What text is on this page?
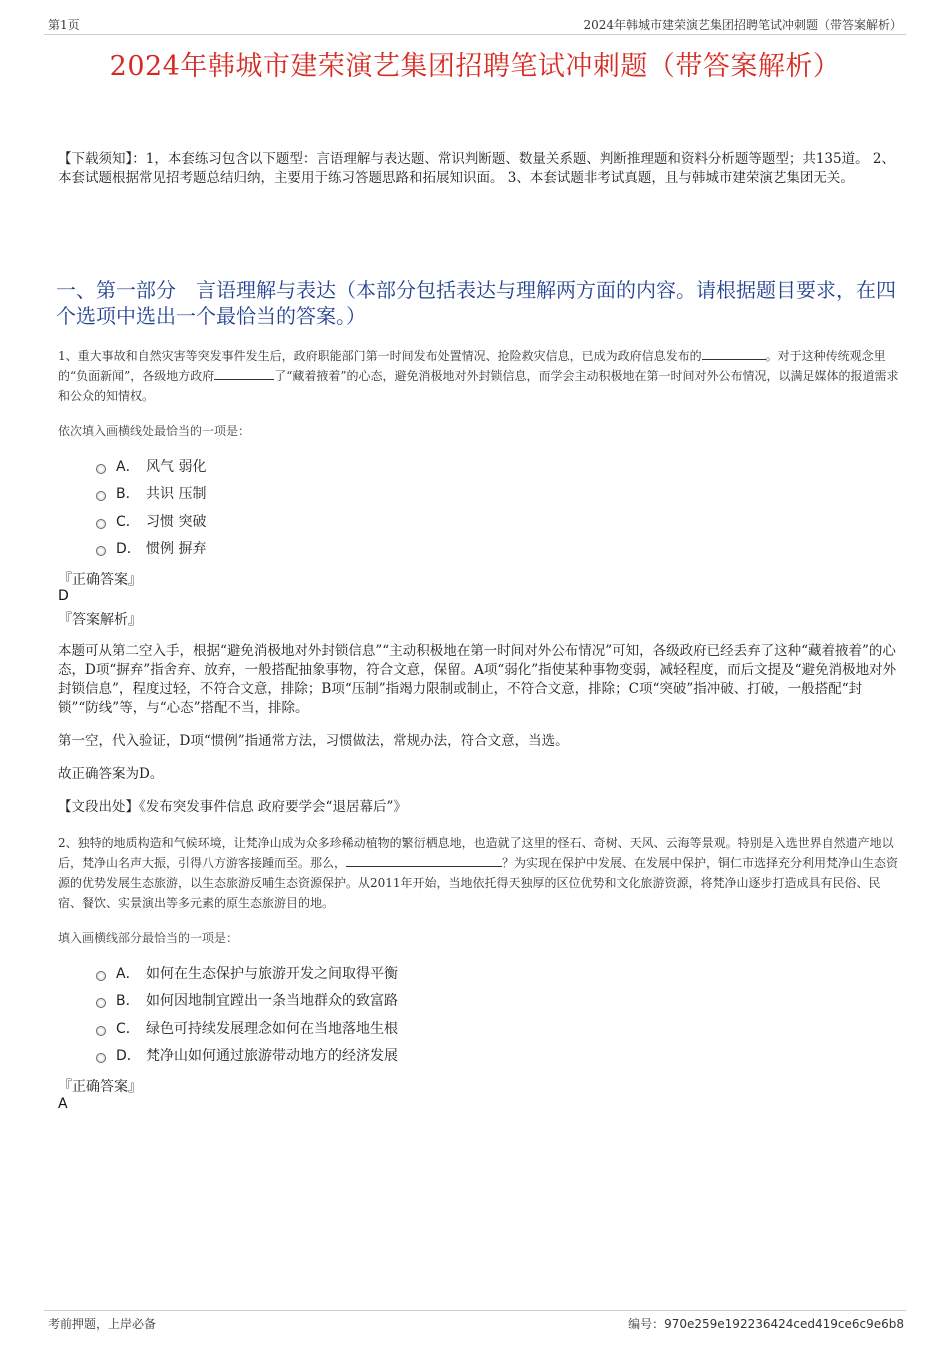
第1页	2024年韩城市建荣演艺集团招聘笔试冲刺题（带答案解析）
2024年韩城市建荣演艺集团招聘笔试冲刺题（带答案解析）
【下载须知】：1，本套练习包含以下题型：言语理解与表达题、常识判断题、数量关系题、判断推理题和资料分析题等题型；共135道。 2、本套试题根据常见招考题总结归纳，主要用于练习答题思路和拓展知识面。 3、本套试题非考试真题，且与韩城市建荣演艺集团无关。
一、第一部分　言语理解与表达（本部分包括表达与理解两方面的内容。请根据题目要求，在四个选项中选出一个最恰当的答案。）
1、重大事故和自然灾害等突发事件发生后，政府职能部门第一时间发布处置情况、抢险救灾信息，已成为政府信息发布的	。对于这种传统观念里的“负面新闻”，各级地方政府	了“藏着掖着”的心态，避免消极地对外封锁信息，而学会主动积极地在第一时间对外公布情况，以满足媒体的报道需求和公众的知情权。
依次填入画横线处最恰当的一项是：
A． 风气 弱化
B． 共识 压制
C． 习惯 突破
D． 惯例 摒弃
『正确答案』
D
『答案解析』
本题可从第二空入手，根据“避免消极地对外封锁信息”“主动积极地在第一时间对外公布情况”可知，各级政府已经丢弃了这种“藏着掖着”的心态，D项“摒弃”指舍弃、放弃，一般搭配抽象事物，符合文意，保留。A项“弱化”指使某种事物变弱，减轻程度，而后文提及“避免消极地对外封锁信息”，程度过轻，不符合文意，排除；B项“压制”指竭力限制或制止，不符合文意，排除；C项“突破”指冲破、打破，一般搭配“封锁”“防线”等，与“心态”搭配不当，排除。
第一空，代入验证，D项“惯例”指通常方法，习惯做法，常规办法，符合文意，当选。
故正确答案为D。
【文段出处】《发布突发事件信息 政府要学会“退居幕后”》
2、独特的地质构造和气候环境，让梵净山成为众多珍稀动植物的繁衍栖息地，也造就了这里的怪石、奇树、天风、云海等景观。特别是入选世界自然遗产地以后，梵净山名声大振，引得八方游客接踵而至。那么，	？为实现在保护中发展、在发展中保护，铜仁市选择充分利用梵净山生态资源的优势发展生态旅游，以生态旅游反哺生态资源保护。从2011年开始，当地依托得天独厚的区位优势和文化旅游资源，将梵净山逐步打造成具有民俗、民宿、餐饮、实景演出等多元素的原生态旅游目的地。
填入画横线部分最恰当的一项是：
A． 如何在生态保护与旅游开发之间取得平衡
B． 如何因地制宜蹚出一条当地群众的致富路
C． 绿色可持续发展理念如何在当地落地生根
D． 梵净山如何通过旅游带动地方的经济发展
『正确答案』
A
考前押题，上岸必备	编号：970e259e192236424ced419ce6c9e6b8
